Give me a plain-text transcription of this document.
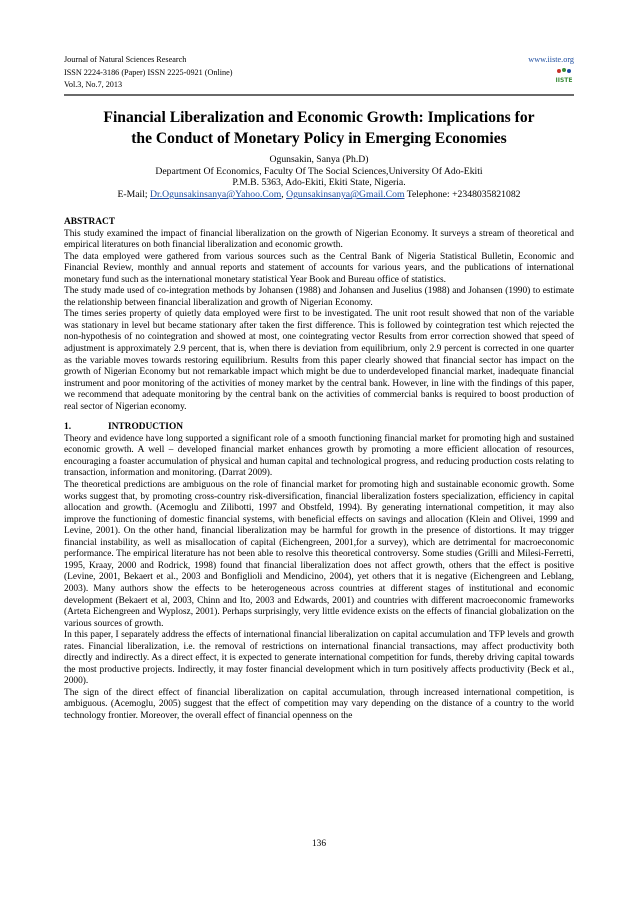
Journal of Natural Sciences Research
ISSN 2224-3186 (Paper) ISSN 2225-0921 (Online)
Vol.3, No.7, 2013
www.iiste.org
IISTE
Financial Liberalization and Economic Growth: Implications for
the Conduct of Monetary Policy in Emerging Economies
Ogunsakin, Sanya (Ph.D)
Department Of Economics, Faculty Of The Social Sciences,University Of Ado-Ekiti
P.M.B. 5363, Ado-Ekiti, Ekiti State, Nigeria.
E-Mail; Dr.Ogunsakinsanya@Yahoo.Com, Ogunsakinsanya@Gmail.Com Telephone: +2348035821082

ABSTRACT

This study examined the impact of financial liberalization on the growth of Nigerian Economy. It surveys a stream of theoretical and empirical literatures on both financial liberalization and economic growth.

The data employed were gathered from various sources such as the Central Bank of Nigeria Statistical Bulletin, Economic and Financial Review, monthly and annual reports and statement of accounts for various years, and the publications of international monetary fund such as the international monetary statistical Year Book and Bureau office of statistics.

The study made used of co-integration methods by Johansen (1988) and Johansen and Juselius (1988) and Johansen (1990) to estimate the relationship between financial liberalization and growth of Nigerian Economy.

The times series property of quietly data employed were first to be investigated. The unit root result showed that non of the variable was stationary in level but became stationary after taken the first difference. This is followed by cointegration test which rejected the non-hypothesis of no cointegration and showed at most, one cointegrating vector Results from error correction showed that speed of adjustment is approximately 2.9 percent, that is, when there is deviation from equilibrium, only 2.9 percent is corrected in one quarter as the variable moves towards restoring equilibrium. Results from this paper clearly showed that financial sector has impact on the growth of Nigerian Economy but not remarkable impact which might be due to underdeveloped financial market, inadequate financial instrument and poor monitoring of the activities of money market by the central bank. However, in line with the findings of this paper, we recommend that adequate monitoring by the central bank on the activities of commercial banks is required to boost production of real sector of Nigerian economy.

1.	INTRODUCTION

Theory and evidence have long supported a significant role of a smooth functioning financial market for promoting high and sustained economic growth. A well – developed financial market enhances growth by promoting a more efficient allocation of resources, encouraging a foaster accumulation of physical and human capital and technological progress, and reducing production costs relating to transaction, information and monitoring. (Darrat 2009).

The theoretical predictions are ambiguous on the role of financial market for promoting high and sustainable economic growth. Some works suggest that, by promoting cross-country risk-diversification, financial liberalization fosters specialization, efficiency in capital allocation and growth. (Acemoglu and Zilibotti, 1997 and Obstfeld, 1994). By generating international competition, it may also improve the functioning of domestic financial systems, with beneficial effects on savings and allocation (Klein and Olivei, 1999 and Levine, 2001). On the other hand, financial liberalization may be harmful for growth in the presence of distortions. It may trigger financial instability, as well as misallocation of capital (Eichengreen, 2001,for a survey), which are detrimental for macroeconomic performance. The empirical literature has not been able to resolve this theoretical controversy. Some studies (Grilli and Milesi-Ferretti, 1995, Kraay, 2000 and Rodrick, 1998) found that financial liberalization does not affect growth, others that the effect is positive (Levine, 2001, Bekaert et al., 2003 and Bonfiglioli and Mendicino, 2004), yet others that it is negative (Eichengreen and Leblang, 2003). Many authors show the effects to be heterogeneous across countries at different stages of institutional and economic development (Bekaert et al, 2003, Chinn and Ito, 2003 and Edwards, 2001) and countries with different macroeconomic frameworks (Arteta Eichengreen and Wyplosz, 2001). Perhaps surprisingly, very little evidence exists on the effects of financial globalization on the various sources of growth.

In this paper, I separately address the effects of international financial liberalization on capital accumulation and TFP levels and growth rates. Financial liberalization, i.e. the removal of restrictions on international financial transactions, may affect productivity both directly and indirectly. As a direct effect, it is expected to generate international competition for funds, thereby driving capital towards the most productive projects. Indirectly, it may foster financial development which in turn positively affects productivity (Beck et al., 2000).

The sign of the direct effect of financial liberalization on capital accumulation, through increased international competition, is ambiguous. (Acemoglu, 2005) suggest that the effect of competition may vary depending on the distance of a country to the world technology frontier. Moreover, the overall effect of financial openness on the

136
